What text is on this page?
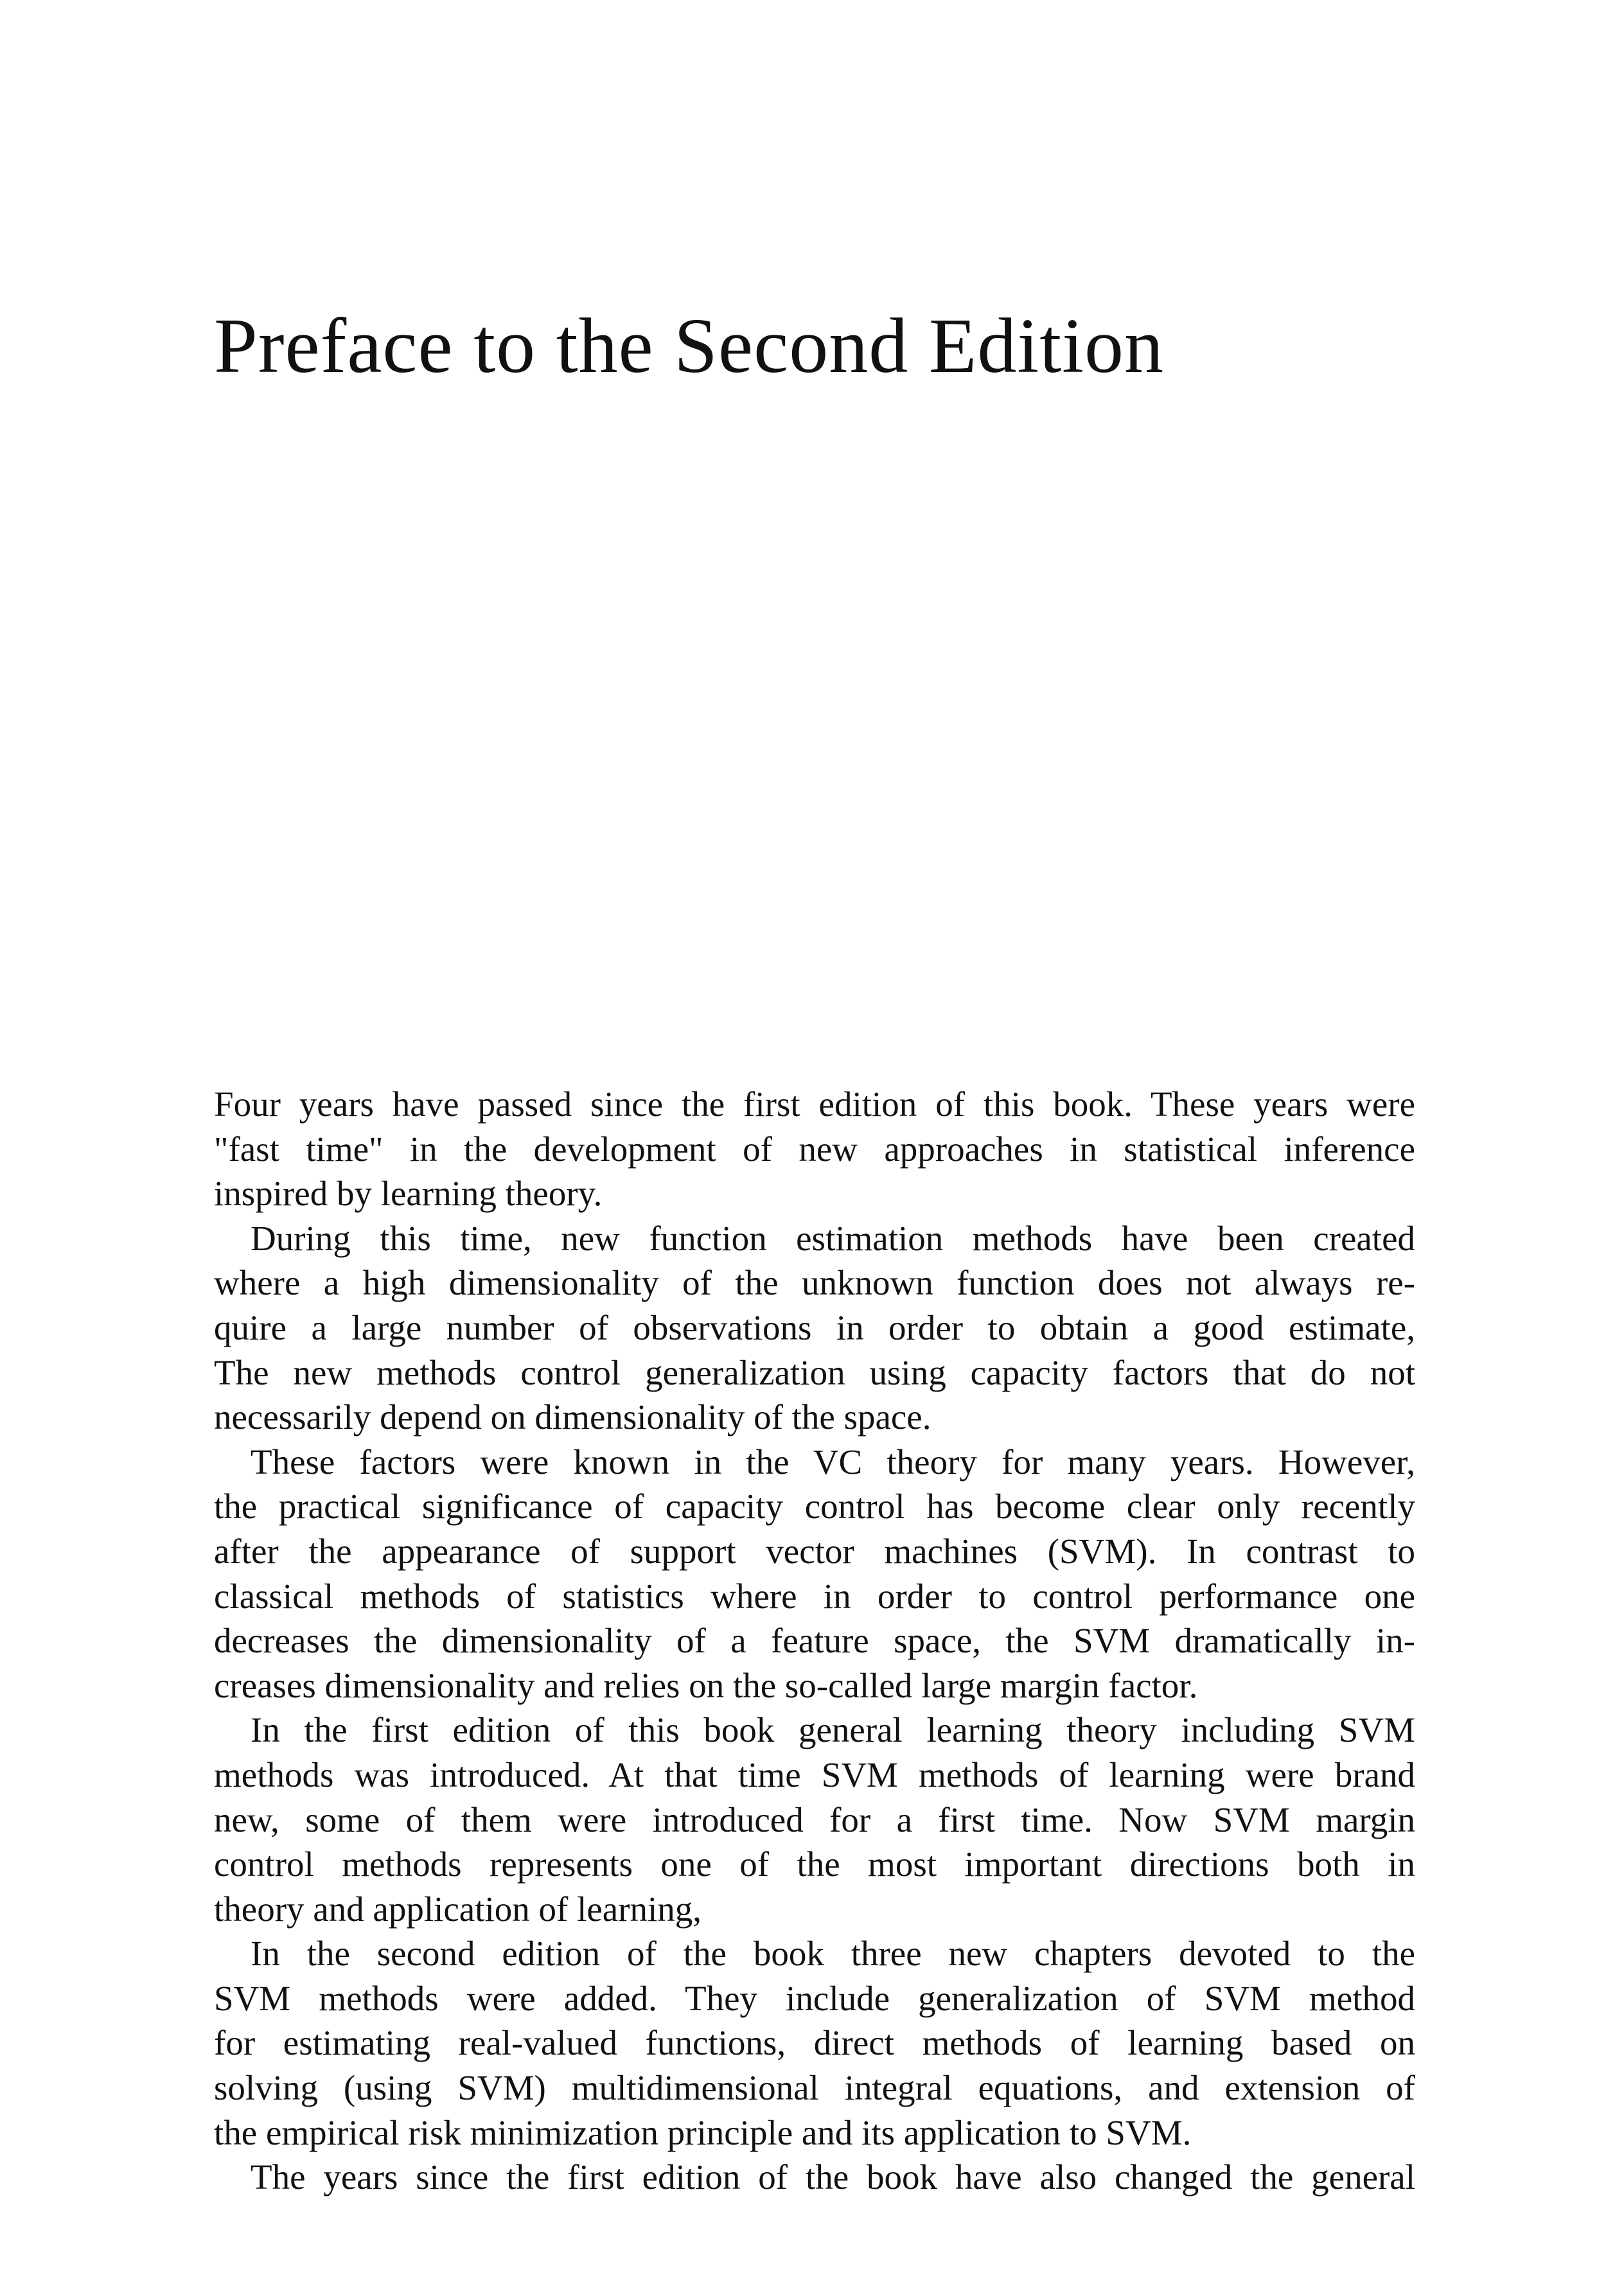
Preface to the Second Edition
Four years have passed since the first edition of this book. These years were
"fast time" in the development of new approaches in statistical inference
inspired by learning theory.
During this time, new function estimation methods have been created
where a high dimensionality of the unknown function does not always re-
quire a large number of observations in order to obtain a good estimate,
The new methods control generalization using capacity factors that do not
necessarily depend on dimensionality of the space.
These factors were known in the VC theory for many years. However,
the practical significance of capacity control has become clear only recently
after the appearance of support vector machines (SVM). In contrast to
classical methods of statistics where in order to control performance one
decreases the dimensionality of a feature space, the SVM dramatically in-
creases dimensionality and relies on the so-called large margin factor.
In the first edition of this book general learning theory including SVM
methods was introduced. At that time SVM methods of learning were brand
new, some of them were introduced for a first time. Now SVM margin
control methods represents one of the most important directions both in
theory and application of learning,
In the second edition of the book three new chapters devoted to the
SVM methods were added. They include generalization of SVM method
for estimating real-valued functions, direct methods of learning based on
solving (using SVM) multidimensional integral equations, and extension of
the empirical risk minimization principle and its application to SVM.
The years since the first edition of the book have also changed the general
